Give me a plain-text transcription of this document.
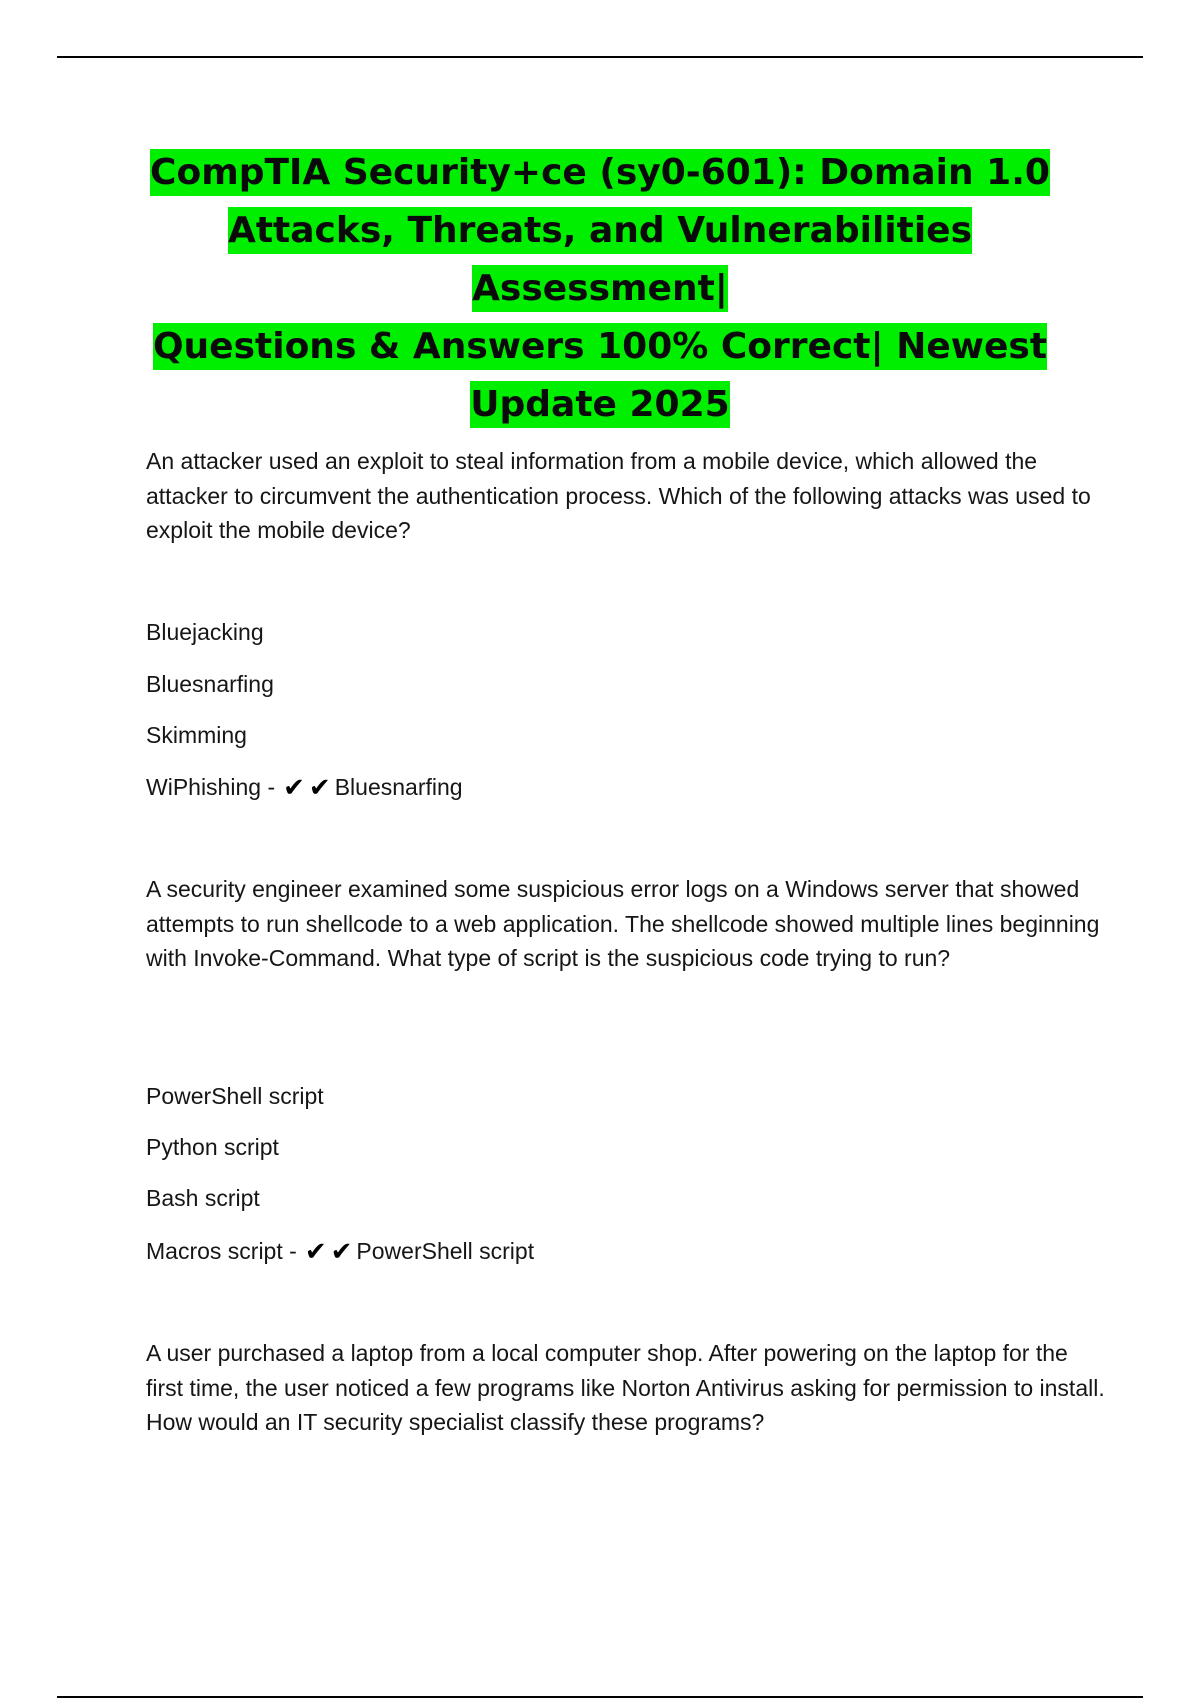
CompTIA Security+ce (sy0-601): Domain 1.0
Attacks, Threats, and Vulnerabilities Assessment|
Questions & Answers 100% Correct| Newest
Update 2025

An attacker used an exploit to steal information from a mobile device, which allowed the attacker to circumvent the authentication process. Which of the following attacks was used to exploit the mobile device?

Bluejacking

Bluesnarfing

Skimming

WiPhishing - ✔ ✔ Bluesnarfing

A security engineer examined some suspicious error logs on a Windows server that showed attempts to run shellcode to a web application. The shellcode showed multiple lines beginning with Invoke-Command. What type of script is the suspicious code trying to run?

PowerShell script

Python script

Bash script

Macros script - ✔ ✔ PowerShell script

A user purchased a laptop from a local computer shop. After powering on the laptop for the first time, the user noticed a few programs like Norton Antivirus asking for permission to install. How would an IT security specialist classify these programs?
